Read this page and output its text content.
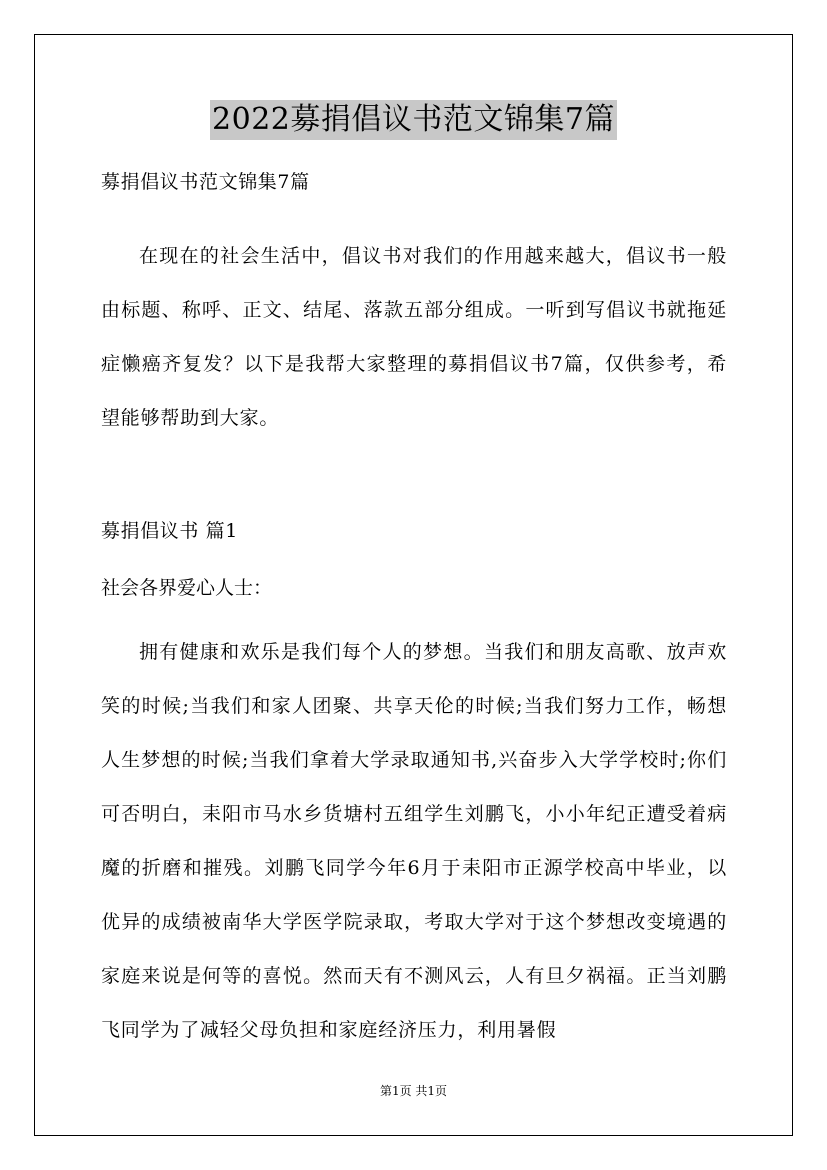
2022募捐倡议书范文锦集7篇
募捐倡议书范文锦集7篇

在现在的社会生活中，倡议书对我们的作用越来越大，倡议书一般由标题、称呼、正文、结尾、落款五部分组成。一听到写倡议书就拖延症懒癌齐复发？以下是我帮大家整理的募捐倡议书7篇，仅供参考，希望能够帮助到大家。

募捐倡议书 篇1
社会各界爱心人士：

拥有健康和欢乐是我们每个人的梦想。当我们和朋友高歌、放声欢笑的时候;当我们和家人团聚、共享天伦的时候;当我们努力工作，畅想人生梦想的时候;当我们拿着大学录取通知书,兴奋步入大学学校时;你们可否明白，耒阳市马水乡货塘村五组学生刘鹏飞，小小年纪正遭受着病魔的折磨和摧残。刘鹏飞同学今年6月于耒阳市正源学校高中毕业，以优异的成绩被南华大学医学院录取，考取大学对于这个梦想改变境遇的家庭来说是何等的喜悦。然而天有不测风云，人有旦夕祸福。正当刘鹏飞同学为了减轻父母负担和家庭经济压力，利用暑假

第1页 共1页
